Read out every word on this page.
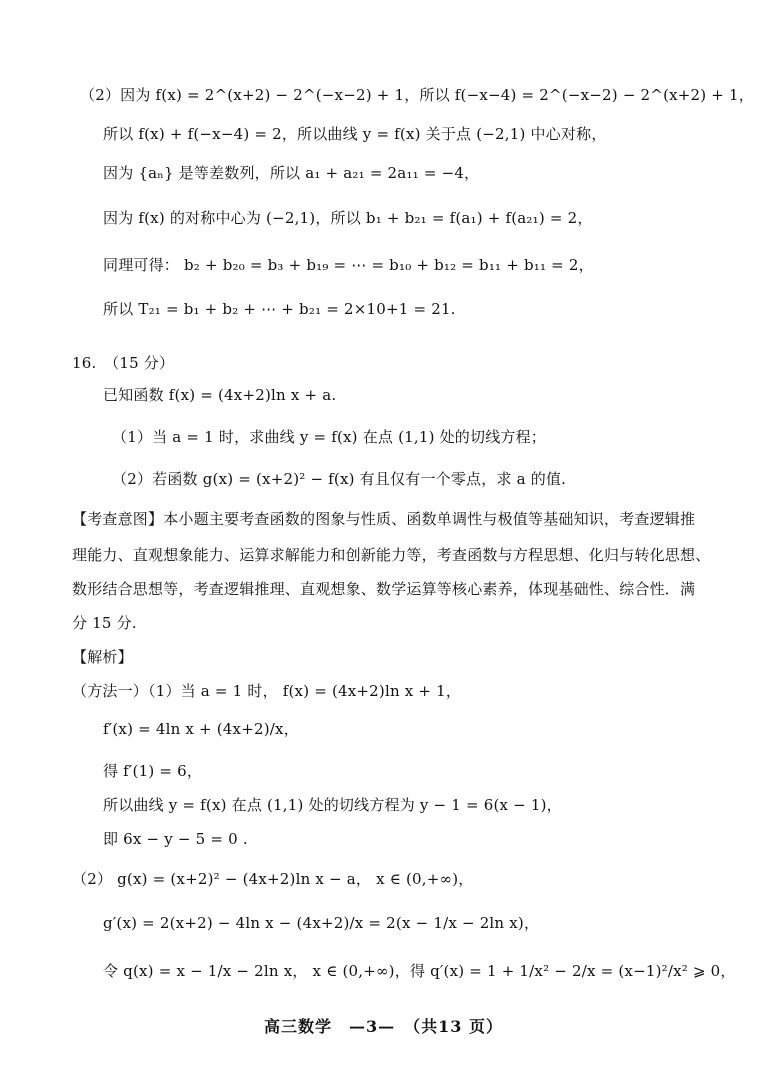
（2）因为 f(x) = 2^(x+2) − 2^(−x−2) + 1，所以 f(−x−4) = 2^(−x−2) − 2^(x+2) + 1，
所以 f(x) + f(−x−4) = 2，所以曲线 y = f(x) 关于点 (−2,1) 中心对称，
因为 {aₙ} 是等差数列，所以 a₁ + a₂₁ = 2a₁₁ = −4，
因为 f(x) 的对称中心为 (−2,1)，所以 b₁ + b₂₁ = f(a₁) + f(a₂₁) = 2，
同理可得： b₂ + b₂₀ = b₃ + b₁₉ = ⋯ = b₁₀ + b₁₂ = b₁₁ + b₁₁ = 2，
所以 T₂₁ = b₁ + b₂ + ⋯ + b₂₁ = 2×10+1 = 21.
16.　（15 分）
已知函数 f(x) = (4x+2)ln x + a.
（1）当 a = 1 时，求曲线 y = f(x) 在点 (1,1) 处的切线方程；
（2）若函数 g(x) = (x+2)² − f(x) 有且仅有一个零点，求 a 的值.
【考查意图】本小题主要考查函数的图象与性质、函数单调性与极值等基础知识，考查逻辑推
理能力、直观想象能力、运算求解能力和创新能力等，考查函数与方程思想、化归与转化思想、
数形结合思想等，考查逻辑推理、直观想象、数学运算等核心素养，体现基础性、综合性．满
分 15 分.
【解析】
（方法一）（1）当 a = 1 时， f(x) = (4x+2)ln x + 1，
f′(x) = 4ln x + (4x+2)/x，
得 f′(1) = 6，
所以曲线 y = f(x) 在点 (1,1) 处的切线方程为 y − 1 = 6(x − 1)，
即 6x − y − 5 = 0 .
（2） g(x) = (x+2)² − (4x+2)ln x − a， x ∈ (0,+∞)，
g′(x) = 2(x+2) − 4ln x − (4x+2)/x = 2(x − 1/x − 2ln x)，
令 q(x) = x − 1/x − 2ln x， x ∈ (0,+∞)，得 q′(x) = 1 + 1/x² − 2/x = (x−1)²/x² ⩾ 0，
高三数学　—3—　（共13 页）
